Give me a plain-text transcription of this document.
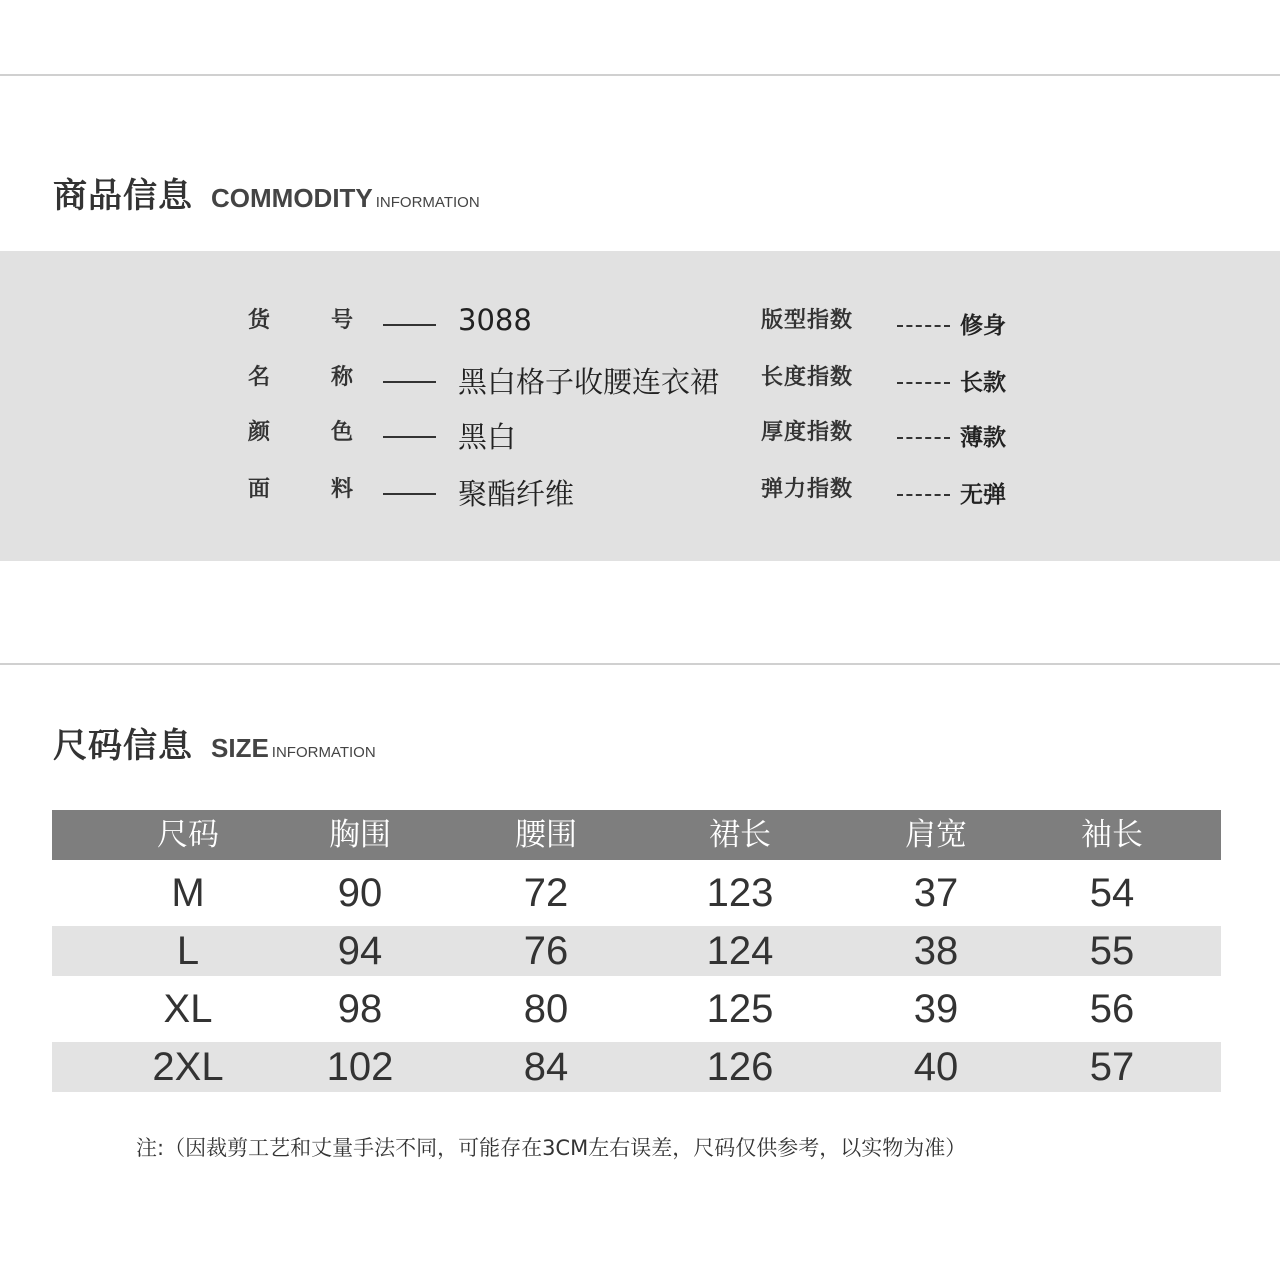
商品信息 COMMODITY INFORMATION
货	号	3088	版型指数	修身
名	称	黑白格子收腰连衣裙 长度指数	长款
颜	色	黑白	厚度指数	薄款
面	料	聚酯纤维	弹力指数	无弹
尺码信息 SIZE INFORMATION
尺码	胸围	腰围	裙长	肩宽	袖长
M	90	72	123	37	54
L	94	76	124	38	55
XL	98	80	125	39	56
2XL	102	84	126	40	57
注:（因裁剪工艺和丈量手法不同，可能存在3CM左右误差，尺码仅供参考，以实物为准）
